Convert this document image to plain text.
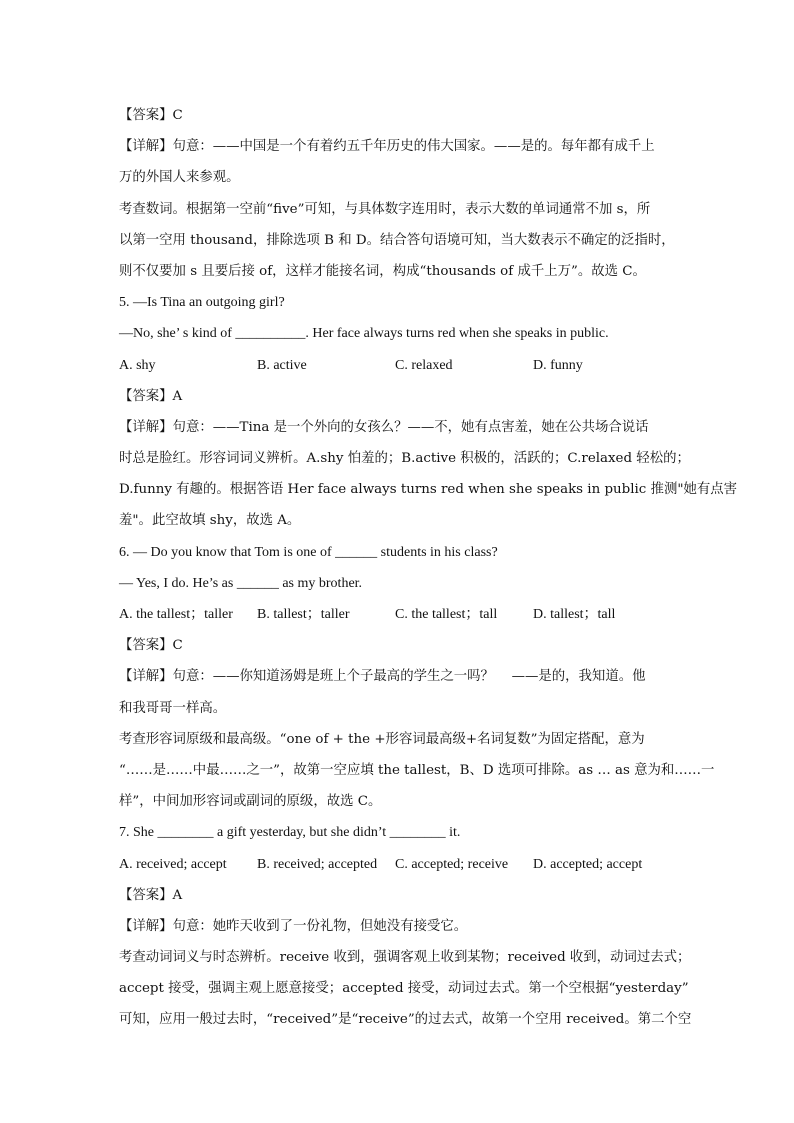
【答案】C
【详解】句意：——中国是一个有着约五千年历史的伟大国家。——是的。每年都有成千上
万的外国人来参观。
考查数词。根据第一空前“five”可知，与具体数字连用时，表示大数的单词通常不加 s，所
以第一空用 thousand，排除选项 B 和 D。结合答句语境可知，当大数表示不确定的泛指时，
则不仅要加 s 且要后接 of，这样才能接名词，构成“thousands of 成千上万”。故选 C。
5. —Is Tina an outgoing girl?
—No, she’ s kind of __________. Her face always turns red when she speaks in public.
A. shy	B. active	C. relaxed	D. funny
【答案】A
【详解】句意：——Tina 是一个外向的女孩么？——不，她有点害羞，她在公共场合说话
时总是脸红。形容词词义辨析。A.shy 怕羞的；B.active 积极的，活跃的；C.relaxed 轻松的；
D.funny 有趣的。根据答语 Her face always turns red when she speaks in public 推测"她有点害
羞"。此空故填 shy，故选 A。
6. — Do you know that Tom is one of ______ students in his class?
— Yes, I do. He’s as ______ as my brother.
A. the tallest；taller	B. tallest；taller	C. the tallest；tall	D. tallest；tall
【答案】C
【详解】句意：——你知道汤姆是班上个子最高的学生之一吗？　 ——是的，我知道。他
和我哥哥一样高。
考查形容词原级和最高级。“one of + the +形容词最高级+名词复数”为固定搭配，意为
“……是……中最……之一”，故第一空应填 the tallest，B、D 选项可排除。as … as 意为和……一
样”，中间加形容词或副词的原级，故选 C。
7. She ________ a gift yesterday, but she didn’t ________ it.
A. received; accept	B. received; accepted	C. accepted; receive	D. accepted; accept
【答案】A
【详解】句意：她昨天收到了一份礼物，但她没有接受它。
考查动词词义与时态辨析。receive 收到，强调客观上收到某物；received 收到，动词过去式；
accept 接受，强调主观上愿意接受；accepted 接受，动词过去式。第一个空根据“yesterday”
可知，应用一般过去时，“received”是“receive”的过去式，故第一个空用 received。第二个空
